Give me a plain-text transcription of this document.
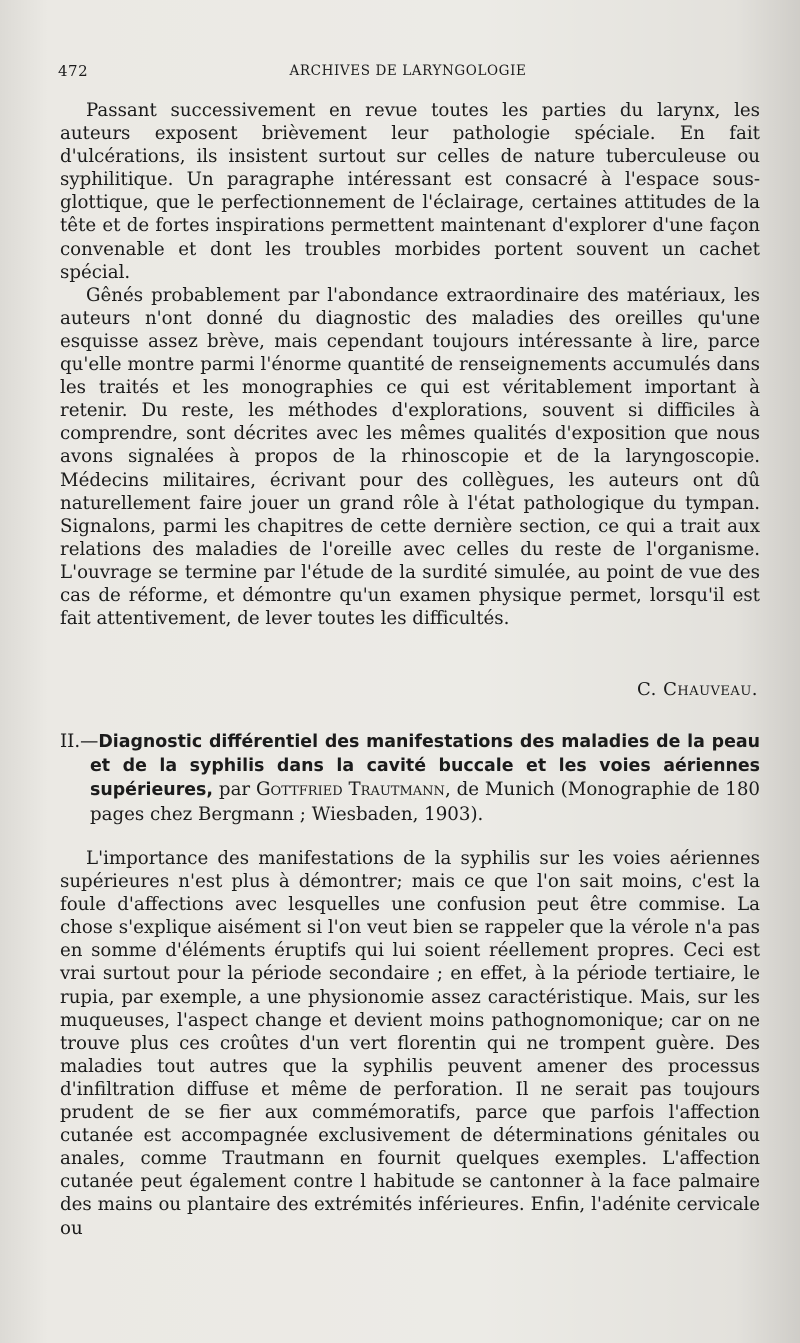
472	ARCHIVES DE LARYNGOLOGIE

Passant successivement en revue toutes les parties du larynx, les auteurs exposent brièvement leur pathologie spéciale. En fait d'ulcérations, ils insistent surtout sur celles de nature tuberculeuse ou syphilitique. Un paragraphe intéressant est consacré à l'espace sous-glottique, que le perfectionnement de l'éclairage, certaines attitudes de la tête et de fortes inspirations permettent maintenant d'explorer d'une façon convenable et dont les troubles morbides portent souvent un cachet spécial.

Gênés probablement par l'abondance extraordinaire des matériaux, les auteurs n'ont donné du diagnostic des maladies des oreilles qu'une esquisse assez brève, mais cependant toujours intéressante à lire, parce qu'elle montre parmi l'énorme quantité de renseignements accumulés dans les traités et les monographies ce qui est véritablement important à retenir. Du reste, les méthodes d'explorations, souvent si difficiles à comprendre, sont décrites avec les mêmes qualités d'exposition que nous avons signalées à propos de la rhinoscopie et de la laryngoscopie. Médecins militaires, écrivant pour des collègues, les auteurs ont dû naturellement faire jouer un grand rôle à l'état pathologique du tympan. Signalons, parmi les chapitres de cette dernière section, ce qui a trait aux relations des maladies de l'oreille avec celles du reste de l'organisme. L'ouvrage se termine par l'étude de la surdité simulée, au point de vue des cas de réforme, et démontre qu'un examen physique permet, lorsqu'il est fait attentivement, de lever toutes les difficultés.

C. Chauveau.

II.—Diagnostic différentiel des manifestations des maladies de la peau et de la syphilis dans la cavité buccale et les voies aériennes supérieures, par Gottfried Trautmann, de Munich (Monographie de 180 pages chez Bergmann ; Wiesbaden, 1903).

L'importance des manifestations de la syphilis sur les voies aériennes supérieures n'est plus à démontrer; mais ce que l'on sait moins, c'est la foule d'affections avec lesquelles une confusion peut être commise. La chose s'explique aisément si l'on veut bien se rappeler que la vérole n'a pas en somme d'éléments éruptifs qui lui soient réellement propres. Ceci est vrai surtout pour la période secondaire ; en effet, à la période tertiaire, le rupia, par exemple, a une physionomie assez caractéristique. Mais, sur les muqueuses, l'aspect change et devient moins pathognomonique; car on ne trouve plus ces croûtes d'un vert florentin qui ne trompent guère. Des maladies tout autres que la syphilis peuvent amener des processus d'infiltration diffuse et même de perforation. Il ne serait pas toujours prudent de se fier aux commémoratifs, parce que parfois l'affection cutanée est accompagnée exclusivement de déterminations génitales ou anales, comme Trautmann en fournit quelques exemples. L'affection cutanée peut également contre l habitude se cantonner à la face palmaire des mains ou plantaire des extrémités inférieures. Enfin, l'adénite cervicale ou
